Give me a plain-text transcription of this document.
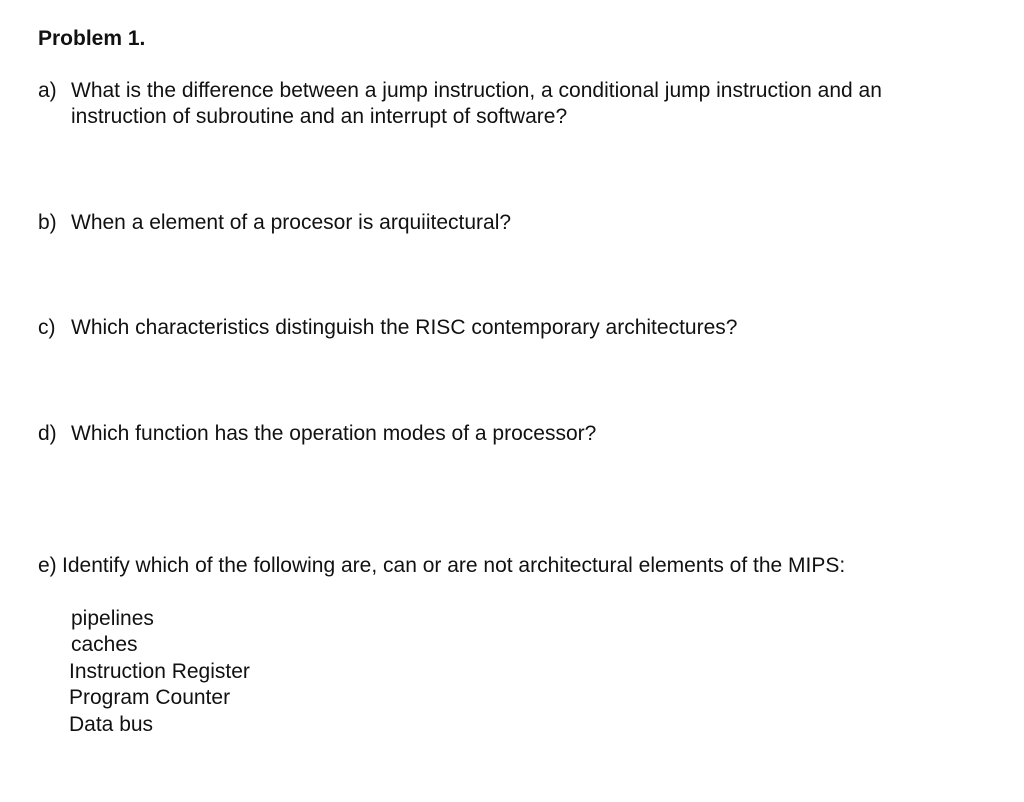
Problem 1.
a) What is the difference between a jump instruction, a conditional jump instruction and an
instruction of subroutine and an interrupt of software?
b) When a element of a procesor is arquiitectural?
c) Which characteristics distinguish the RISC contemporary architectures?
d) Which function has the operation modes of a processor?
e) Identify which of the following are, can or are not architectural elements of the MIPS:
pipelines
caches
Instruction Register
Program Counter
Data bus
